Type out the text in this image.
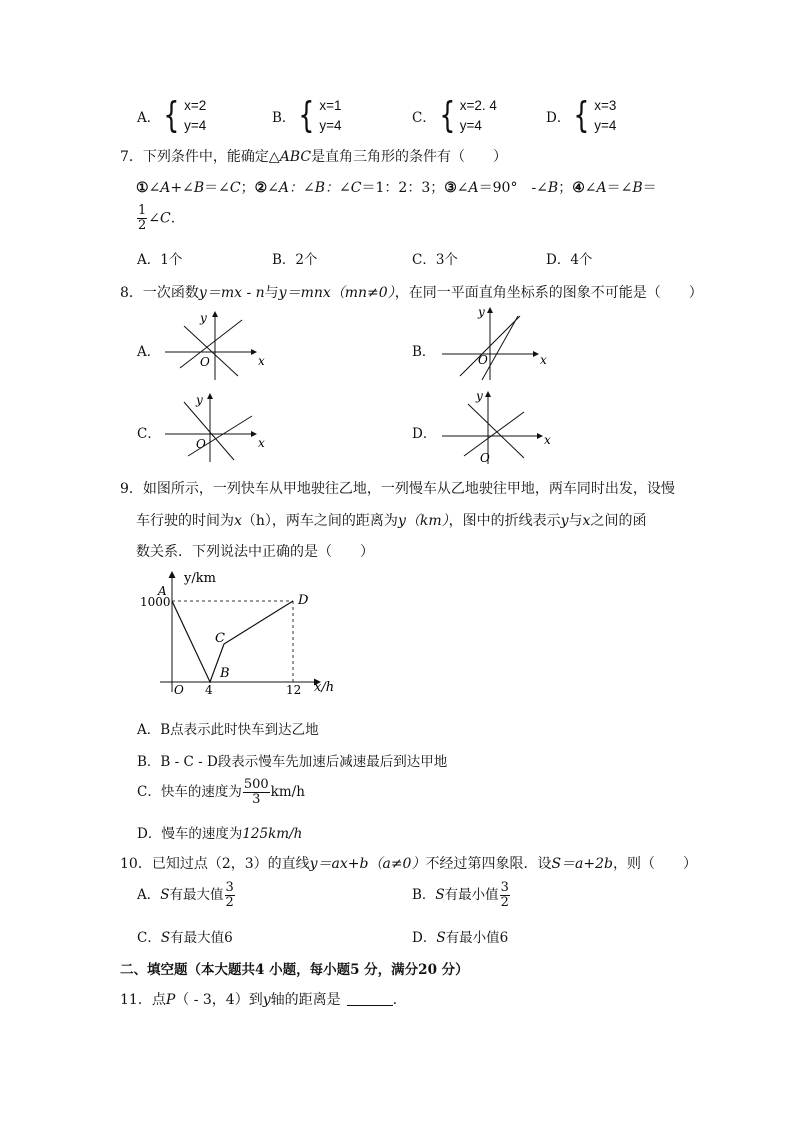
A． { x=2
y=4	B． { x=1
y=4	C． { x=2. 4
y=4	D． { x=3
y=4
7．下列条件中，能确定△ABC是直角三角形的条件有（　　）
①∠A+∠B＝∠C；②∠A：∠B：∠C＝1：2：3；③∠A＝90°　-∠B；④∠A＝∠B＝
$\frac{1}{2}$ ∠C.
A．1个	B．2个	C．3个	D．4个
8．一次函数y＝mx - n与y＝mnx（mn≠0），在同一平面直角坐标系的图象不可能是（　　）
A．	B．
C．	D．
x
y
O	x
y
O
x
y
O	x
y
O
9．如图所示，一列快车从甲地驶往乙地，一列慢车从乙地驶往甲地，两车同时出发，设慢
车行驶的时间为x（h），两车之间的距离为y（km），图中的折线表示y与x之间的函
数关系．下列说法中正确的是（　　）
y/km
x/h
1000
4	12
O
A
B
C
D
A．B点表示此时快车到达乙地
B．B - C - D段表示慢车先加速后减速最后到达甲地
C．快车的速度为 $\frac{500}{3} km/h$
D．慢车的速度为125km/h
10．已知过点（2，3）的直线y＝ax+b（a≠0）不经过第四象限．设S＝a+2b，则（　　）
A．S有最大值 $\frac{3}{2}$	B．S有最小值 $\frac{3}{2}$
C．S有最大值6	D．S有最小值6
二、填空题（本大题共4 小题，每小题5 分，满分20 分）
11．点P（ - 3，4）到y轴的距离是	.
